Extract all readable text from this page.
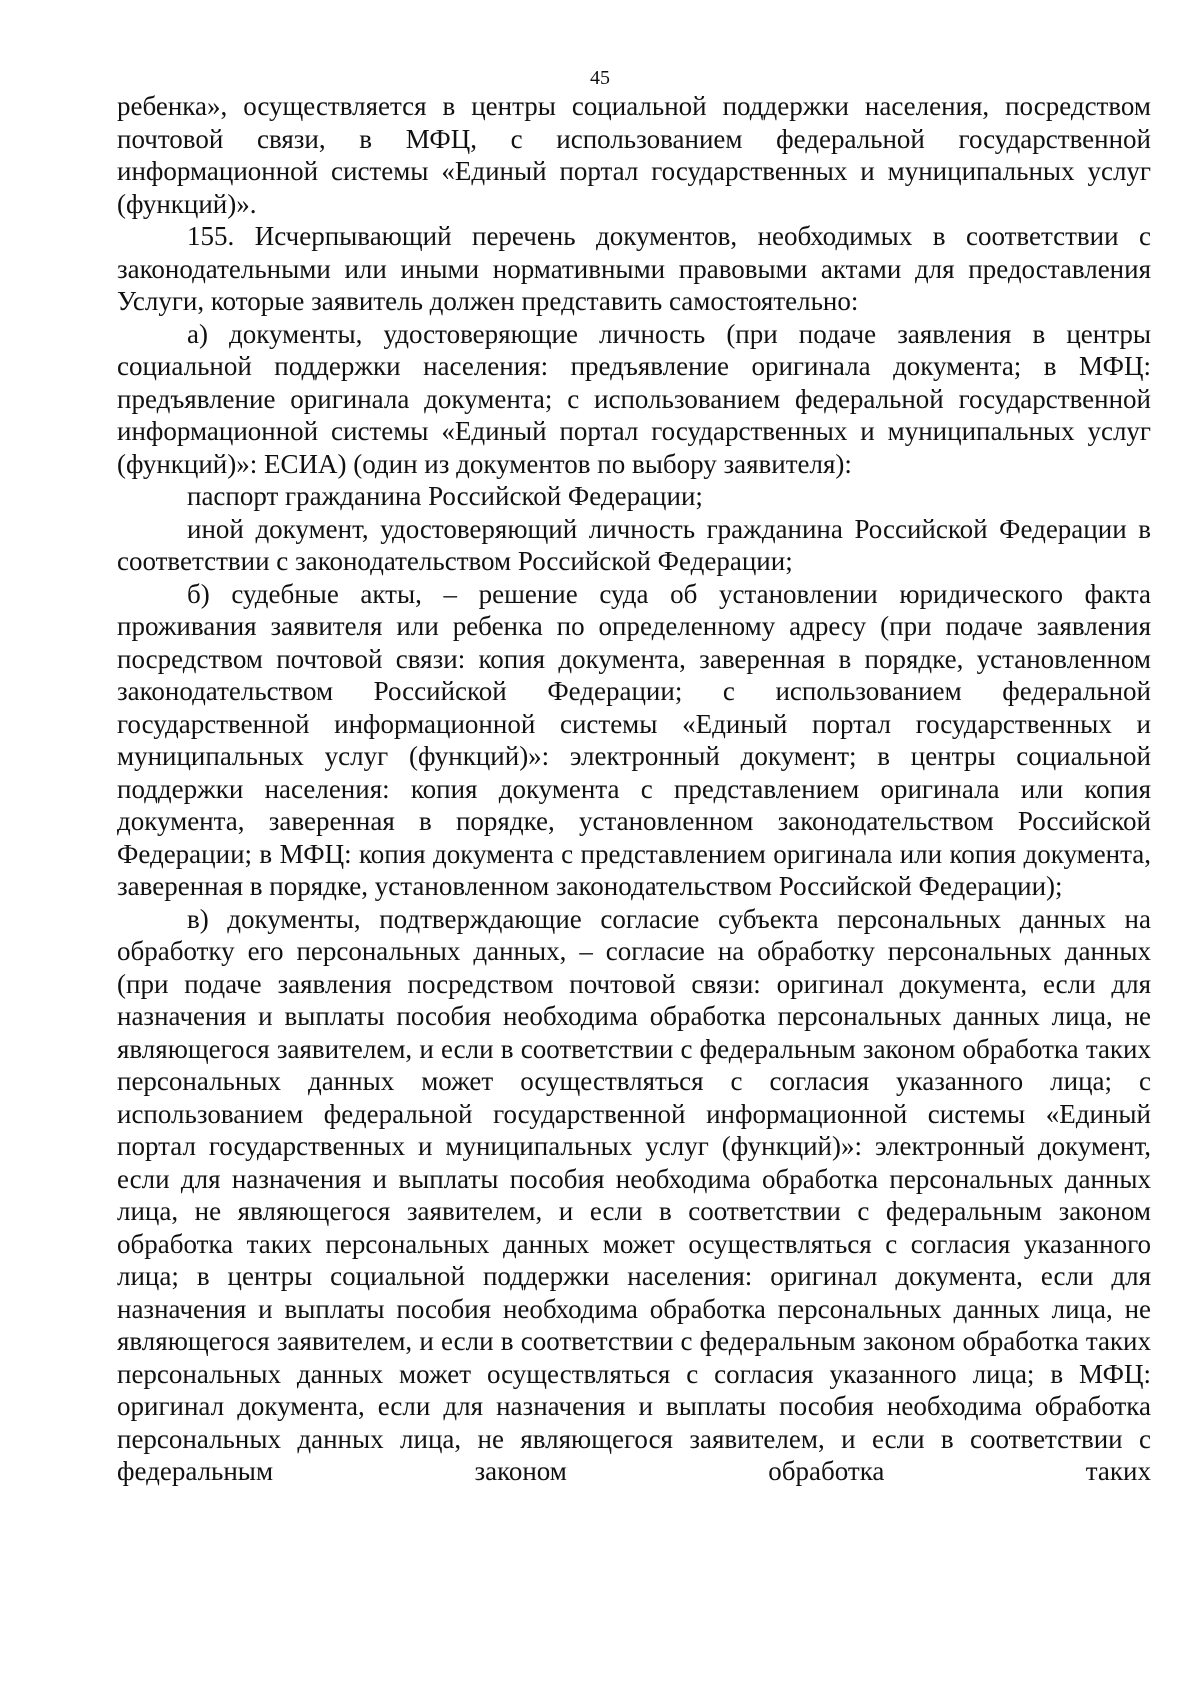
45

ребенка», осуществляется в центры социальной поддержки населения, посредством почтовой связи, в МФЦ, с использованием федеральной государственной информационной системы «Единый портал государственных и муниципальных услуг (функций)».

155. Исчерпывающий перечень документов, необходимых в соответствии с законодательными или иными нормативными правовыми актами для предоставления Услуги, которые заявитель должен представить самостоятельно:

а) документы, удостоверяющие личность (при подаче заявления в центры социальной поддержки населения: предъявление оригинала документа; в МФЦ: предъявление оригинала документа; с использованием федеральной государственной информационной системы «Единый портал государственных и муниципальных услуг (функций)»: ЕСИА) (один из документов по выбору заявителя):

паспорт гражданина Российской Федерации;

иной документ, удостоверяющий личность гражданина Российской Федерации в соответствии с законодательством Российской Федерации;

б) судебные акты, – решение суда об установлении юридического факта проживания заявителя или ребенка по определенному адресу (при подаче заявления посредством почтовой связи: копия документа, заверенная в порядке, установленном законодательством Российской Федерации; с использованием федеральной государственной информационной системы «Единый портал государственных и муниципальных услуг (функций)»: электронный документ; в центры социальной поддержки населения: копия документа с представлением оригинала или копия документа, заверенная в порядке, установленном законодательством Российской Федерации; в МФЦ: копия документа с представлением оригинала или копия документа, заверенная в порядке, установленном законодательством Российской Федерации);

в) документы, подтверждающие согласие субъекта персональных данных на обработку его персональных данных, – согласие на обработку персональных данных (при подаче заявления посредством почтовой связи: оригинал документа, если для назначения и выплаты пособия необходима обработка персональных данных лица, не являющегося заявителем, и если в соответствии с федеральным законом обработка таких персональных данных может осуществляться с согласия указанного лица; с использованием федеральной государственной информационной системы «Единый портал государственных и муниципальных услуг (функций)»: электронный документ, если для назначения и выплаты пособия необходима обработка персональных данных лица, не являющегося заявителем, и если в соответствии с федеральным законом обработка таких персональных данных может осуществляться с согласия указанного лица; в центры социальной поддержки населения: оригинал документа, если для назначения и выплаты пособия необходима обработка персональных данных лица, не являющегося заявителем, и если в соответствии с федеральным законом обработка таких персональных данных может осуществляться с согласия указанного лица; в МФЦ: оригинал документа, если для назначения и выплаты пособия необходима обработка персональных данных лица, не являющегося заявителем, и если в соответствии с федеральным законом обработка таких
